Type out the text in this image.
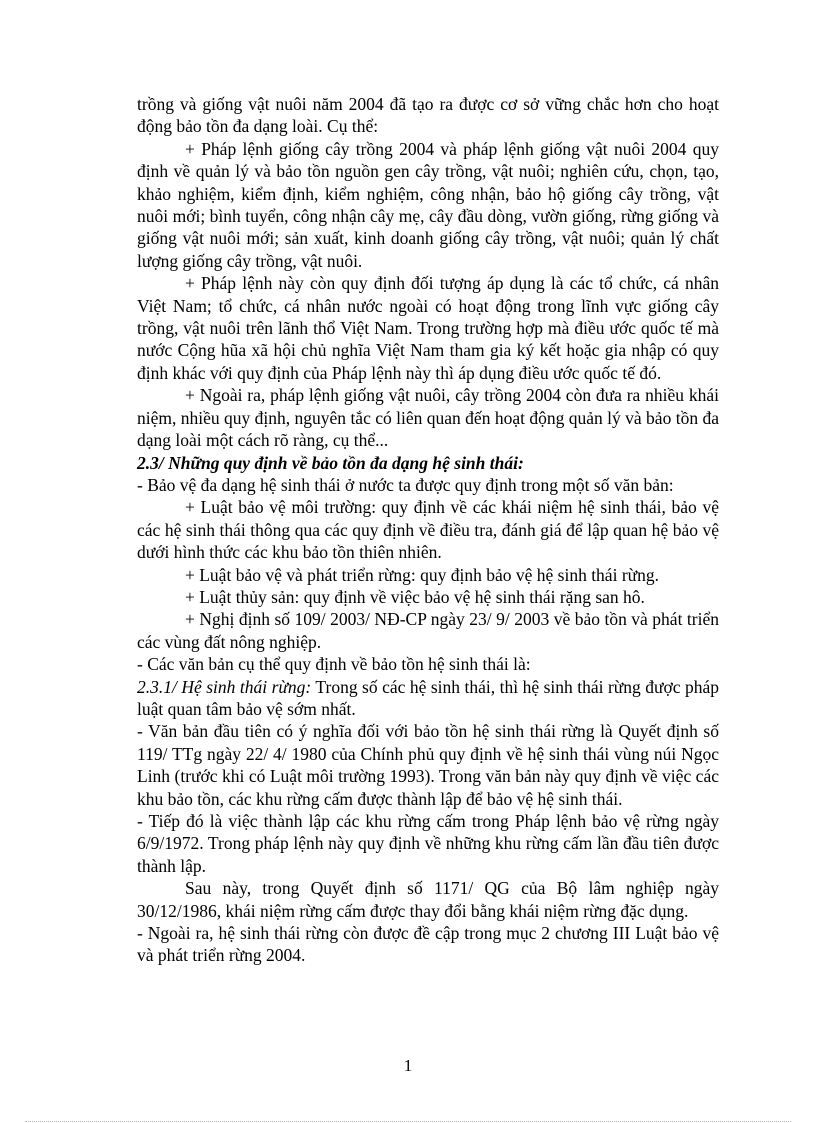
trồng và giống vật nuôi năm 2004 đã tạo ra được cơ sở vững chắc hơn cho hoạt động bảo tồn đa dạng loài. Cụ thể:

+ Pháp lệnh giống cây trồng 2004 và pháp lệnh giống vật nuôi 2004 quy định về quản lý và bảo tồn nguồn gen cây trồng, vật nuôi; nghiên cứu, chọn, tạo, khảo nghiệm, kiểm định, kiểm nghiệm, công nhận, bảo hộ giống cây trồng, vật nuôi mới; bình tuyển, công nhận cây mẹ, cây đầu dòng, vườn giống, rừng giống và giống vật nuôi mới; sản xuất, kinh doanh giống cây trồng, vật nuôi; quản lý chất lượng giống cây trồng, vật nuôi.

+ Pháp lệnh này còn quy định đối tượng áp dụng là các tổ chức, cá nhân Việt Nam; tổ chức, cá nhân nước ngoài có hoạt động trong lĩnh vực giống cây trồng, vật nuôi trên lãnh thổ Việt Nam. Trong trường hợp mà điều ước quốc tế mà nước Cộng hũa xã hội chủ nghĩa Việt Nam tham gia ký kết hoặc gia nhập có quy định khác với quy định của Pháp lệnh này thì áp dụng điều ước quốc tế đó.

+ Ngoài ra, pháp lệnh giống vật nuôi, cây trồng 2004 còn đưa ra nhiều khái niệm, nhiều quy định, nguyên tắc có liên quan đến hoạt động quản lý và bảo tồn đa dạng loài một cách rõ ràng, cụ thể...

2.3/ Những quy định về bảo tồn đa dạng hệ sinh thái:

- Bảo vệ đa dạng hệ sinh thái ở nước ta được quy định trong một số văn bản:

+ Luật bảo vệ môi trường: quy định về các khái niệm hệ sinh thái, bảo vệ các hệ sinh thái thông qua các quy định về điều tra, đánh giá để lập quan hệ bảo vệ dưới hình thức các khu bảo tồn thiên nhiên.

+ Luật bảo vệ và phát triển rừng: quy định bảo vệ hệ sinh thái rừng.

+ Luật thủy sản: quy định về việc bảo vệ hệ sinh thái rặng san hô.

+ Nghị định số 109/ 2003/ NĐ-CP ngày 23/ 9/ 2003 về bảo tồn và phát triển các vùng đất nông nghiệp.

- Các văn bản cụ thể quy định về bảo tồn hệ sinh thái là:

2.3.1/ Hệ sinh thái rừng: Trong số các hệ sinh thái, thì hệ sinh thái rừng được pháp luật quan tâm bảo vệ sớm nhất.

- Văn bản đầu tiên có ý nghĩa đối với bảo tồn hệ sinh thái rừng là Quyết định số 119/ TTg ngày 22/ 4/ 1980 của Chính phủ quy định về hệ sinh thái vùng núi Ngọc Linh (trước khi có Luật môi trường 1993). Trong văn bản này quy định về việc các khu bảo tồn, các khu rừng cấm được thành lập để bảo vệ hệ sinh thái.

- Tiếp đó là việc thành lập các khu rừng cấm trong Pháp lệnh bảo vệ rừng ngày 6/9/1972. Trong pháp lệnh này quy định về những khu rừng cấm lần đầu tiên được thành lập.

Sau này, trong Quyết định số 1171/ QG của Bộ lâm nghiệp ngày 30/12/1986, khái niệm rừng cấm được thay đổi bằng khái niệm rừng đặc dụng.

- Ngoài ra, hệ sinh thái rừng còn được đề cập trong mục 2 chương III Luật bảo vệ và phát triển rừng 2004.

1
